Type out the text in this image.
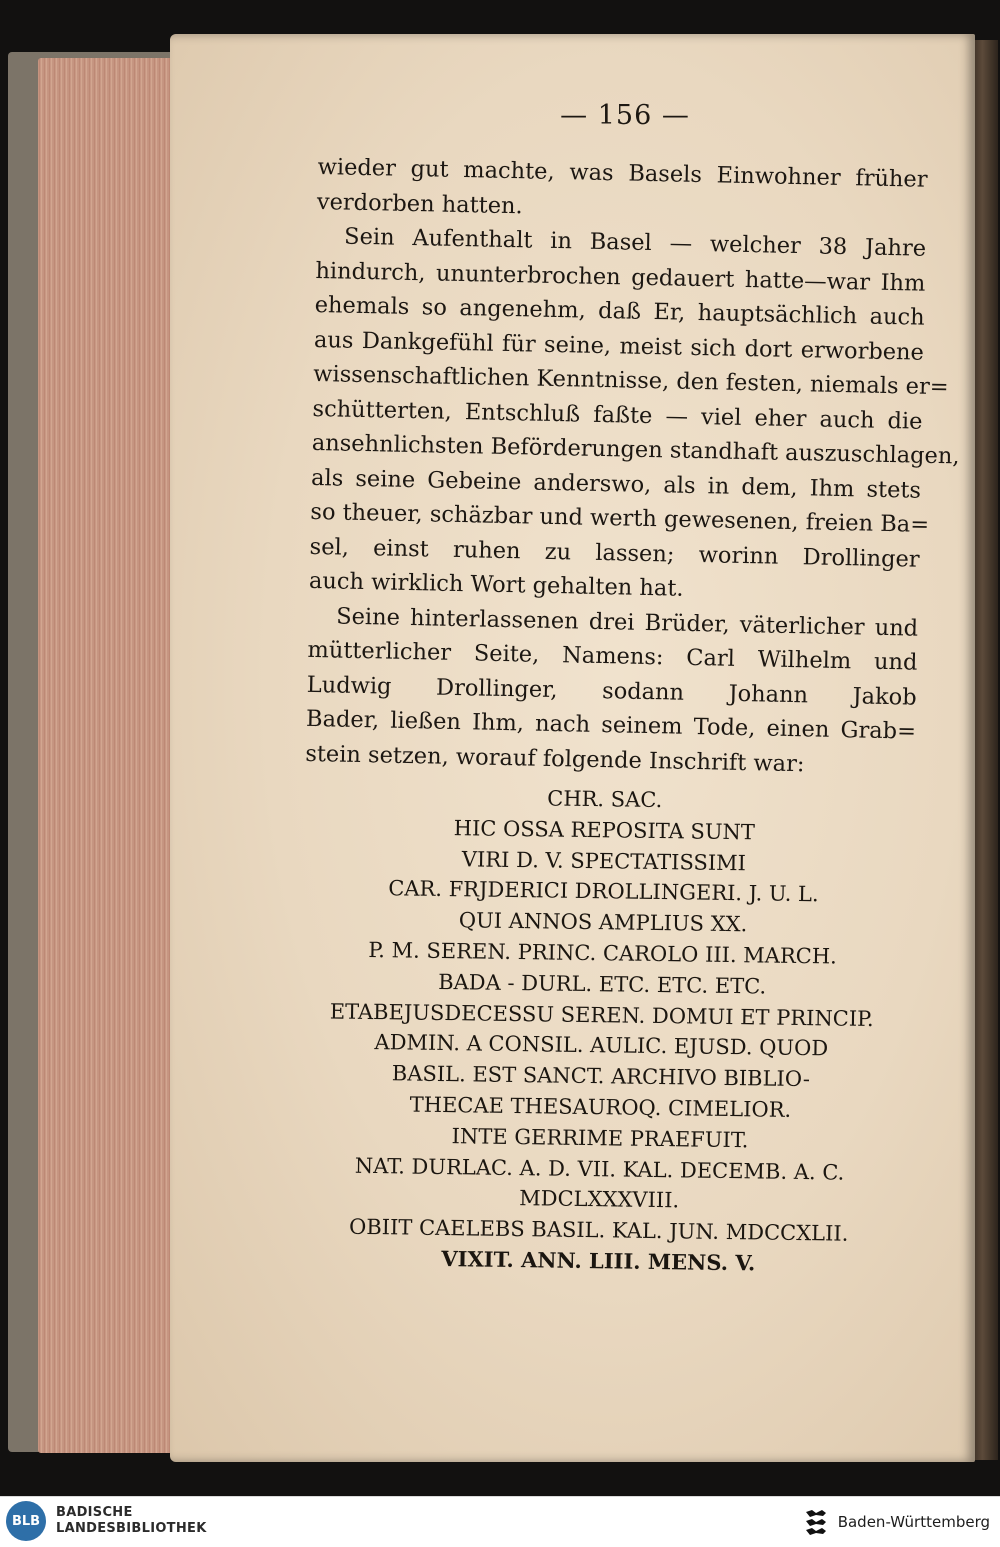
— 156 —
wieder gut machte, was Basels Einwohner früher
verdorben hatten.
Sein Aufenthalt in Basel — welcher 38 Jahre
hindurch, ununterbrochen gedauert hatte—war Ihm
ehemals so angenehm, daß Er, hauptsächlich auch
aus Dankgefühl für seine, meist sich dort erworbene
wissenschaftlichen Kenntnisse, den festen, niemals er=
schütterten, Entschluß faßte — viel eher auch die
ansehnlichsten Beförderungen standhaft auszuschlagen,
als seine Gebeine anderswo, als in dem, Ihm stets
so theuer, schäzbar und werth gewesenen, freien Ba=
sel, einst ruhen zu lassen; worinn Drollinger
auch wirklich Wort gehalten hat.
Seine hinterlassenen drei Brüder, väterlicher und
mütterlicher Seite, Namens: Carl Wilhelm und
Ludwig Drollinger, sodann Johann Jakob
Bader, ließen Ihm, nach seinem Tode, einen Grab=
stein setzen, worauf folgende Inschrift war:
CHR. SAC.
HIC OSSA REPOSITA SUNT
VIRI D. V. SPECTATISSIMI
CAR. FRJDERICI DROLLINGERI. J. U. L.
QUI ANNOS AMPLIUS XX.
P. M. SEREN. PRINC. CAROLO III. MARCH.
BADA - DURL. ETC. ETC. ETC.
ETABEJUSDECESSU SEREN. DOMUI ET PRINCIP.
ADMIN. A CONSIL. AULIC. EJUSD. QUOD
BASIL. EST SANCT. ARCHIVO BIBLIO-
THECAE THESAUROQ. CIMELIOR.
INTE GERRIME PRAEFUIT.
NAT. DURLAC. A. D. VII. KAL. DECEMB. A. C.
MDCLXXXVIII.
OBIIT CAELEBS BASIL. KAL. JUN. MDCCXLII.
VIXIT. ANN. LIII. MENS. V.
BLB
BADISCHE
LANDESBIBLIOTHEK	Baden-Württemberg
